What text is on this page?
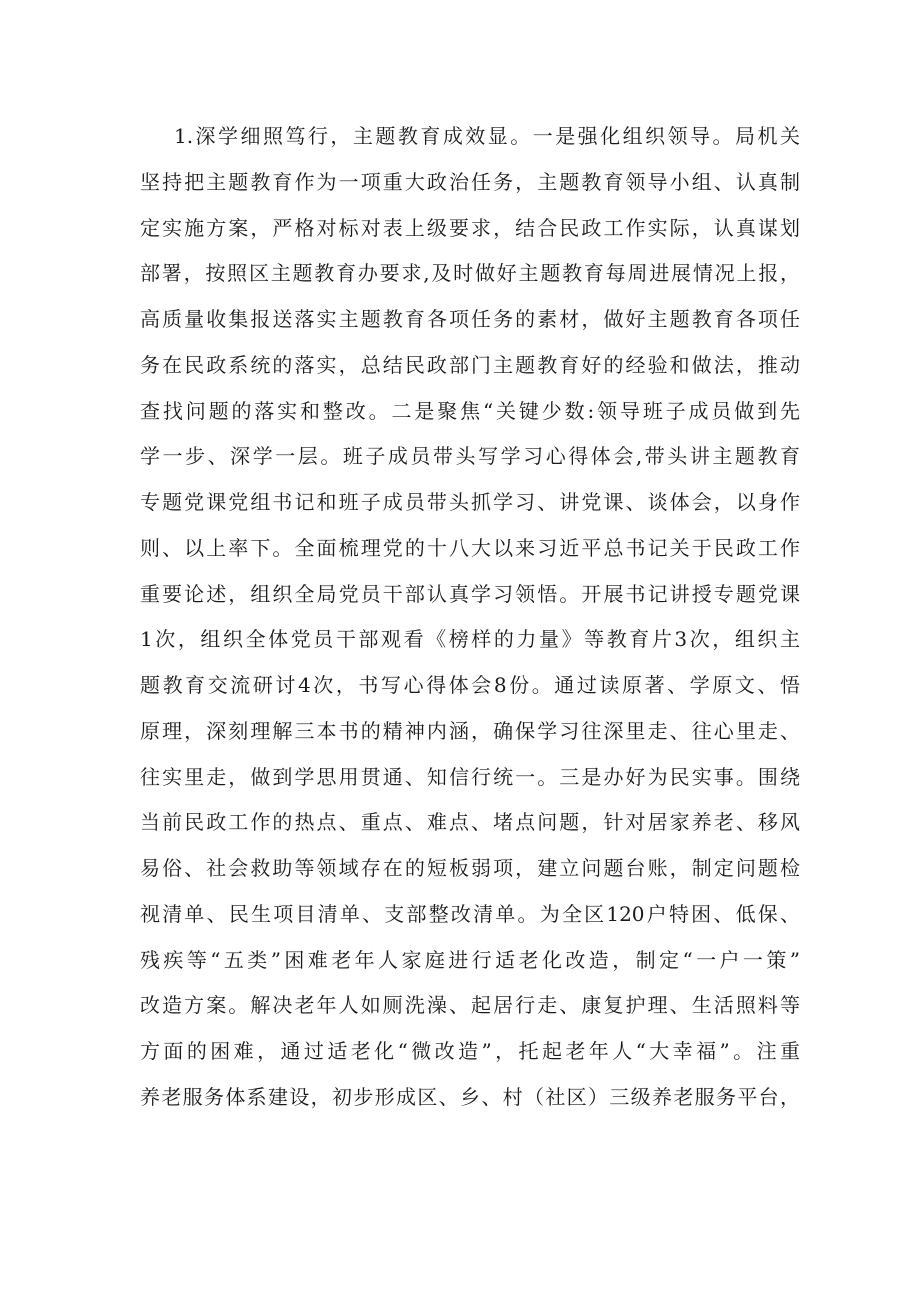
1.深学细照笃行，主题教育成效显。一是强化组织领导。局机关
坚持把主题教育作为一项重大政治任务，主题教育领导小组、认真制
定实施方案，严格对标对表上级要求，结合民政工作实际，认真谋划
部署，按照区主题教育办要求,及时做好主题教育每周进展情况上报，
高质量收集报送落实主题教育各项任务的素材，做好主题教育各项任
务在民政系统的落实，总结民政部门主题教育好的经验和做法，推动
查找问题的落实和整改。二是聚焦“关键少数:领导班子成员做到先
学一步、深学一层。班子成员带头写学习心得体会,带头讲主题教育
专题党课党组书记和班子成员带头抓学习、讲党课、谈体会，以身作
则、以上率下。全面梳理党的十八大以来习近平总书记关于民政工作
重要论述，组织全局党员干部认真学习领悟。开展书记讲授专题党课
1次，组织全体党员干部观看《榜样的力量》等教育片3次，组织主
题教育交流研讨4次，书写心得体会8份。通过读原著、学原文、悟
原理，深刻理解三本书的精神内涵，确保学习往深里走、往心里走、
往实里走，做到学思用贯通、知信行统一。三是办好为民实事。围绕
当前民政工作的热点、重点、难点、堵点问题，针对居家养老、移风
易俗、社会救助等领域存在的短板弱项，建立问题台账，制定问题检
视清单、民生项目清单、支部整改清单。为全区120户特困、低保、
残疾等“五类”困难老年人家庭进行适老化改造，制定“一户一策”
改造方案。解决老年人如厕洗澡、起居行走、康复护理、生活照料等
方面的困难，通过适老化“微改造”，托起老年人“大幸福”。注重
养老服务体系建设，初步形成区、乡、村（社区）三级养老服务平台，
